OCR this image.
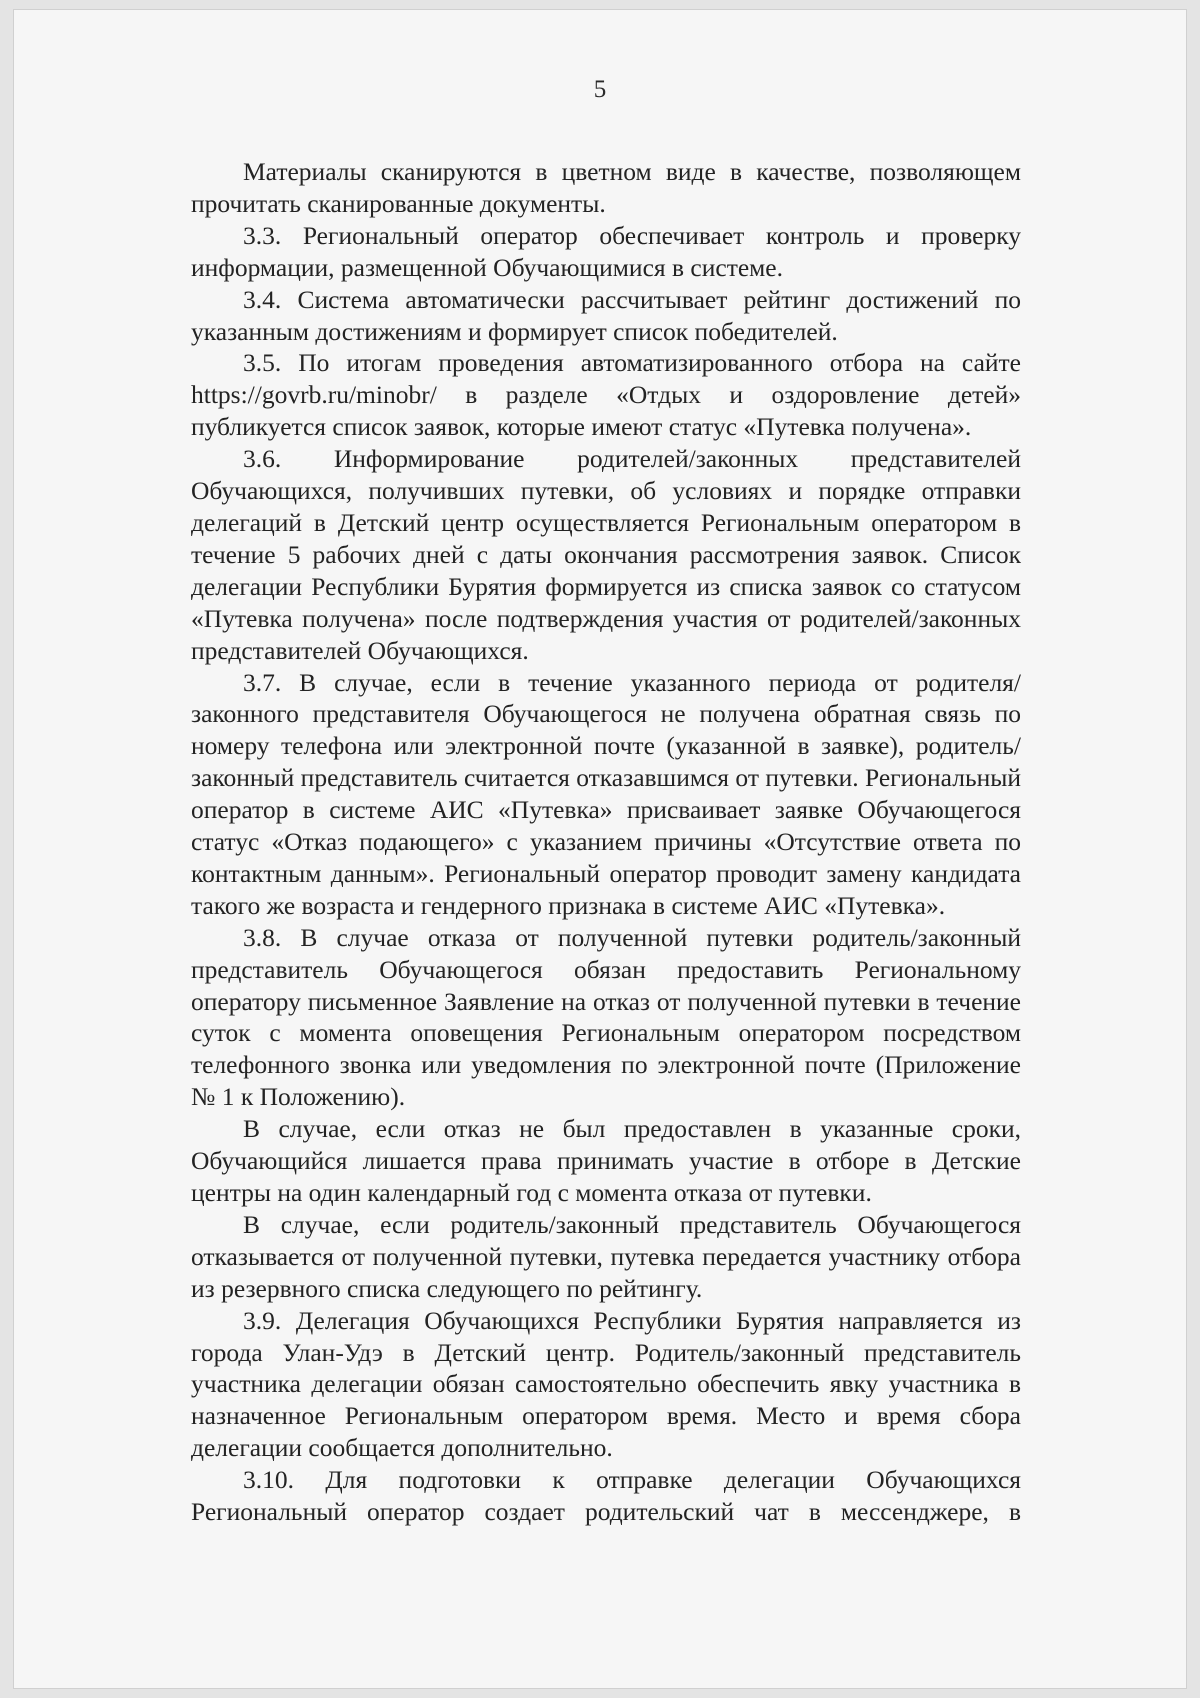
5

Материалы сканируются в цветном виде в качестве, позволяющем прочитать сканированные документы.

3.3. Региональный оператор обеспечивает контроль и проверку информации, размещенной Обучающимися в системе.

3.4. Система автоматически рассчитывает рейтинг достижений по указанным достижениям и формирует список победителей.

3.5. По итогам проведения автоматизированного отбора на сайте https://govrb.ru/minobr/ в разделе «Отдых и оздоровление детей» публикуется список заявок, которые имеют статус «Путевка получена».

3.6. Информирование родителей/законных представителей Обучающихся, получивших путевки, об условиях и порядке отправки делегаций в Детский центр осуществляется Региональным оператором в течение 5 рабочих дней с даты окончания рассмотрения заявок. Список делегации Республики Бурятия формируется из списка заявок со статусом «Путевка получена» после подтверждения участия от родителей/законных представителей Обучающихся.

3.7. В случае, если в течение указанного периода от родителя/законного представителя Обучающегося не получена обратная связь по номеру телефона или электронной почте (указанной в заявке), родитель/законный представитель считается отказавшимся от путевки. Региональный оператор в системе АИС «Путевка» присваивает заявке Обучающегося статус «Отказ подающего» с указанием причины «Отсутствие ответа по контактным данным». Региональный оператор проводит замену кандидата такого же возраста и гендерного признака в системе АИС «Путевка».

3.8. В случае отказа от полученной путевки родитель/законный представитель Обучающегося обязан предоставить Региональному оператору письменное Заявление на отказ от полученной путевки в течение суток с момента оповещения Региональным оператором посредством телефонного звонка или уведомления по электронной почте (Приложение № 1 к Положению).

В случае, если отказ не был предоставлен в указанные сроки, Обучающийся лишается права принимать участие в отборе в Детские центры на один календарный год с момента отказа от путевки.

В случае, если родитель/законный представитель Обучающегося отказывается от полученной путевки, путевка передается участнику отбора из резервного списка следующего по рейтингу.

3.9. Делегация Обучающихся Республики Бурятия направляется из города Улан-Удэ в Детский центр. Родитель/законный представитель участника делегации обязан самостоятельно обеспечить явку участника в назначенное Региональным оператором время. Место и время сбора делегации сообщается дополнительно.

3.10. Для подготовки к отправке делегации Обучающихся Региональный оператор создает родительский чат в мессенджере, в
